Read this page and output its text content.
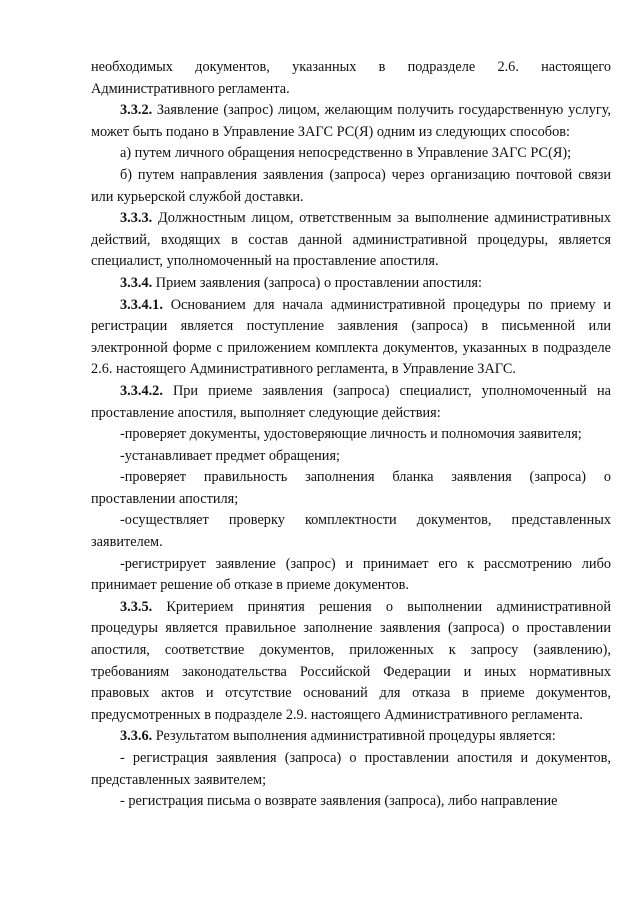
необходимых документов, указанных в подразделе 2.6. настоящего Административного регламента.

3.3.2. Заявление (запрос) лицом, желающим получить государственную услугу, может быть подано в Управление ЗАГС РС(Я) одним из следующих способов:

а) путем личного обращения непосредственно в Управление ЗАГС РС(Я);

б) путем направления заявления (запроса) через организацию почтовой связи или курьерской службой доставки.

3.3.3. Должностным лицом, ответственным за выполнение административных действий, входящих в состав данной административной процедуры, является специалист, уполномоченный на проставление апостиля.

3.3.4. Прием заявления (запроса) о проставлении апостиля:

3.3.4.1. Основанием для начала административной процедуры по приему и регистрации является поступление заявления (запроса) в письменной или электронной форме с приложением комплекта документов, указанных в подразделе 2.6. настоящего Административного регламента, в Управление ЗАГС.

3.3.4.2. При приеме заявления (запроса) специалист, уполномоченный на проставление апостиля, выполняет следующие действия:

-проверяет документы, удостоверяющие личность и полномочия заявителя;

-устанавливает предмет обращения;

-проверяет правильность заполнения бланка заявления (запроса) о проставлении апостиля;

-осуществляет проверку комплектности документов, представленных заявителем.

-регистрирует заявление (запрос) и принимает его к рассмотрению либо принимает решение об отказе в приеме документов.

3.3.5. Критерием принятия решения о выполнении административной процедуры является правильное заполнение заявления (запроса) о проставлении апостиля, соответствие документов, приложенных к запросу (заявлению), требованиям законодательства Российской Федерации и иных нормативных правовых актов и отсутствие оснований для отказа в приеме документов, предусмотренных в подразделе 2.9. настоящего Административного регламента.

3.3.6. Результатом выполнения административной процедуры является:

- регистрация заявления (запроса) о проставлении апостиля и документов, представленных заявителем;

- регистрация письма о возврате заявления (запроса), либо направление
